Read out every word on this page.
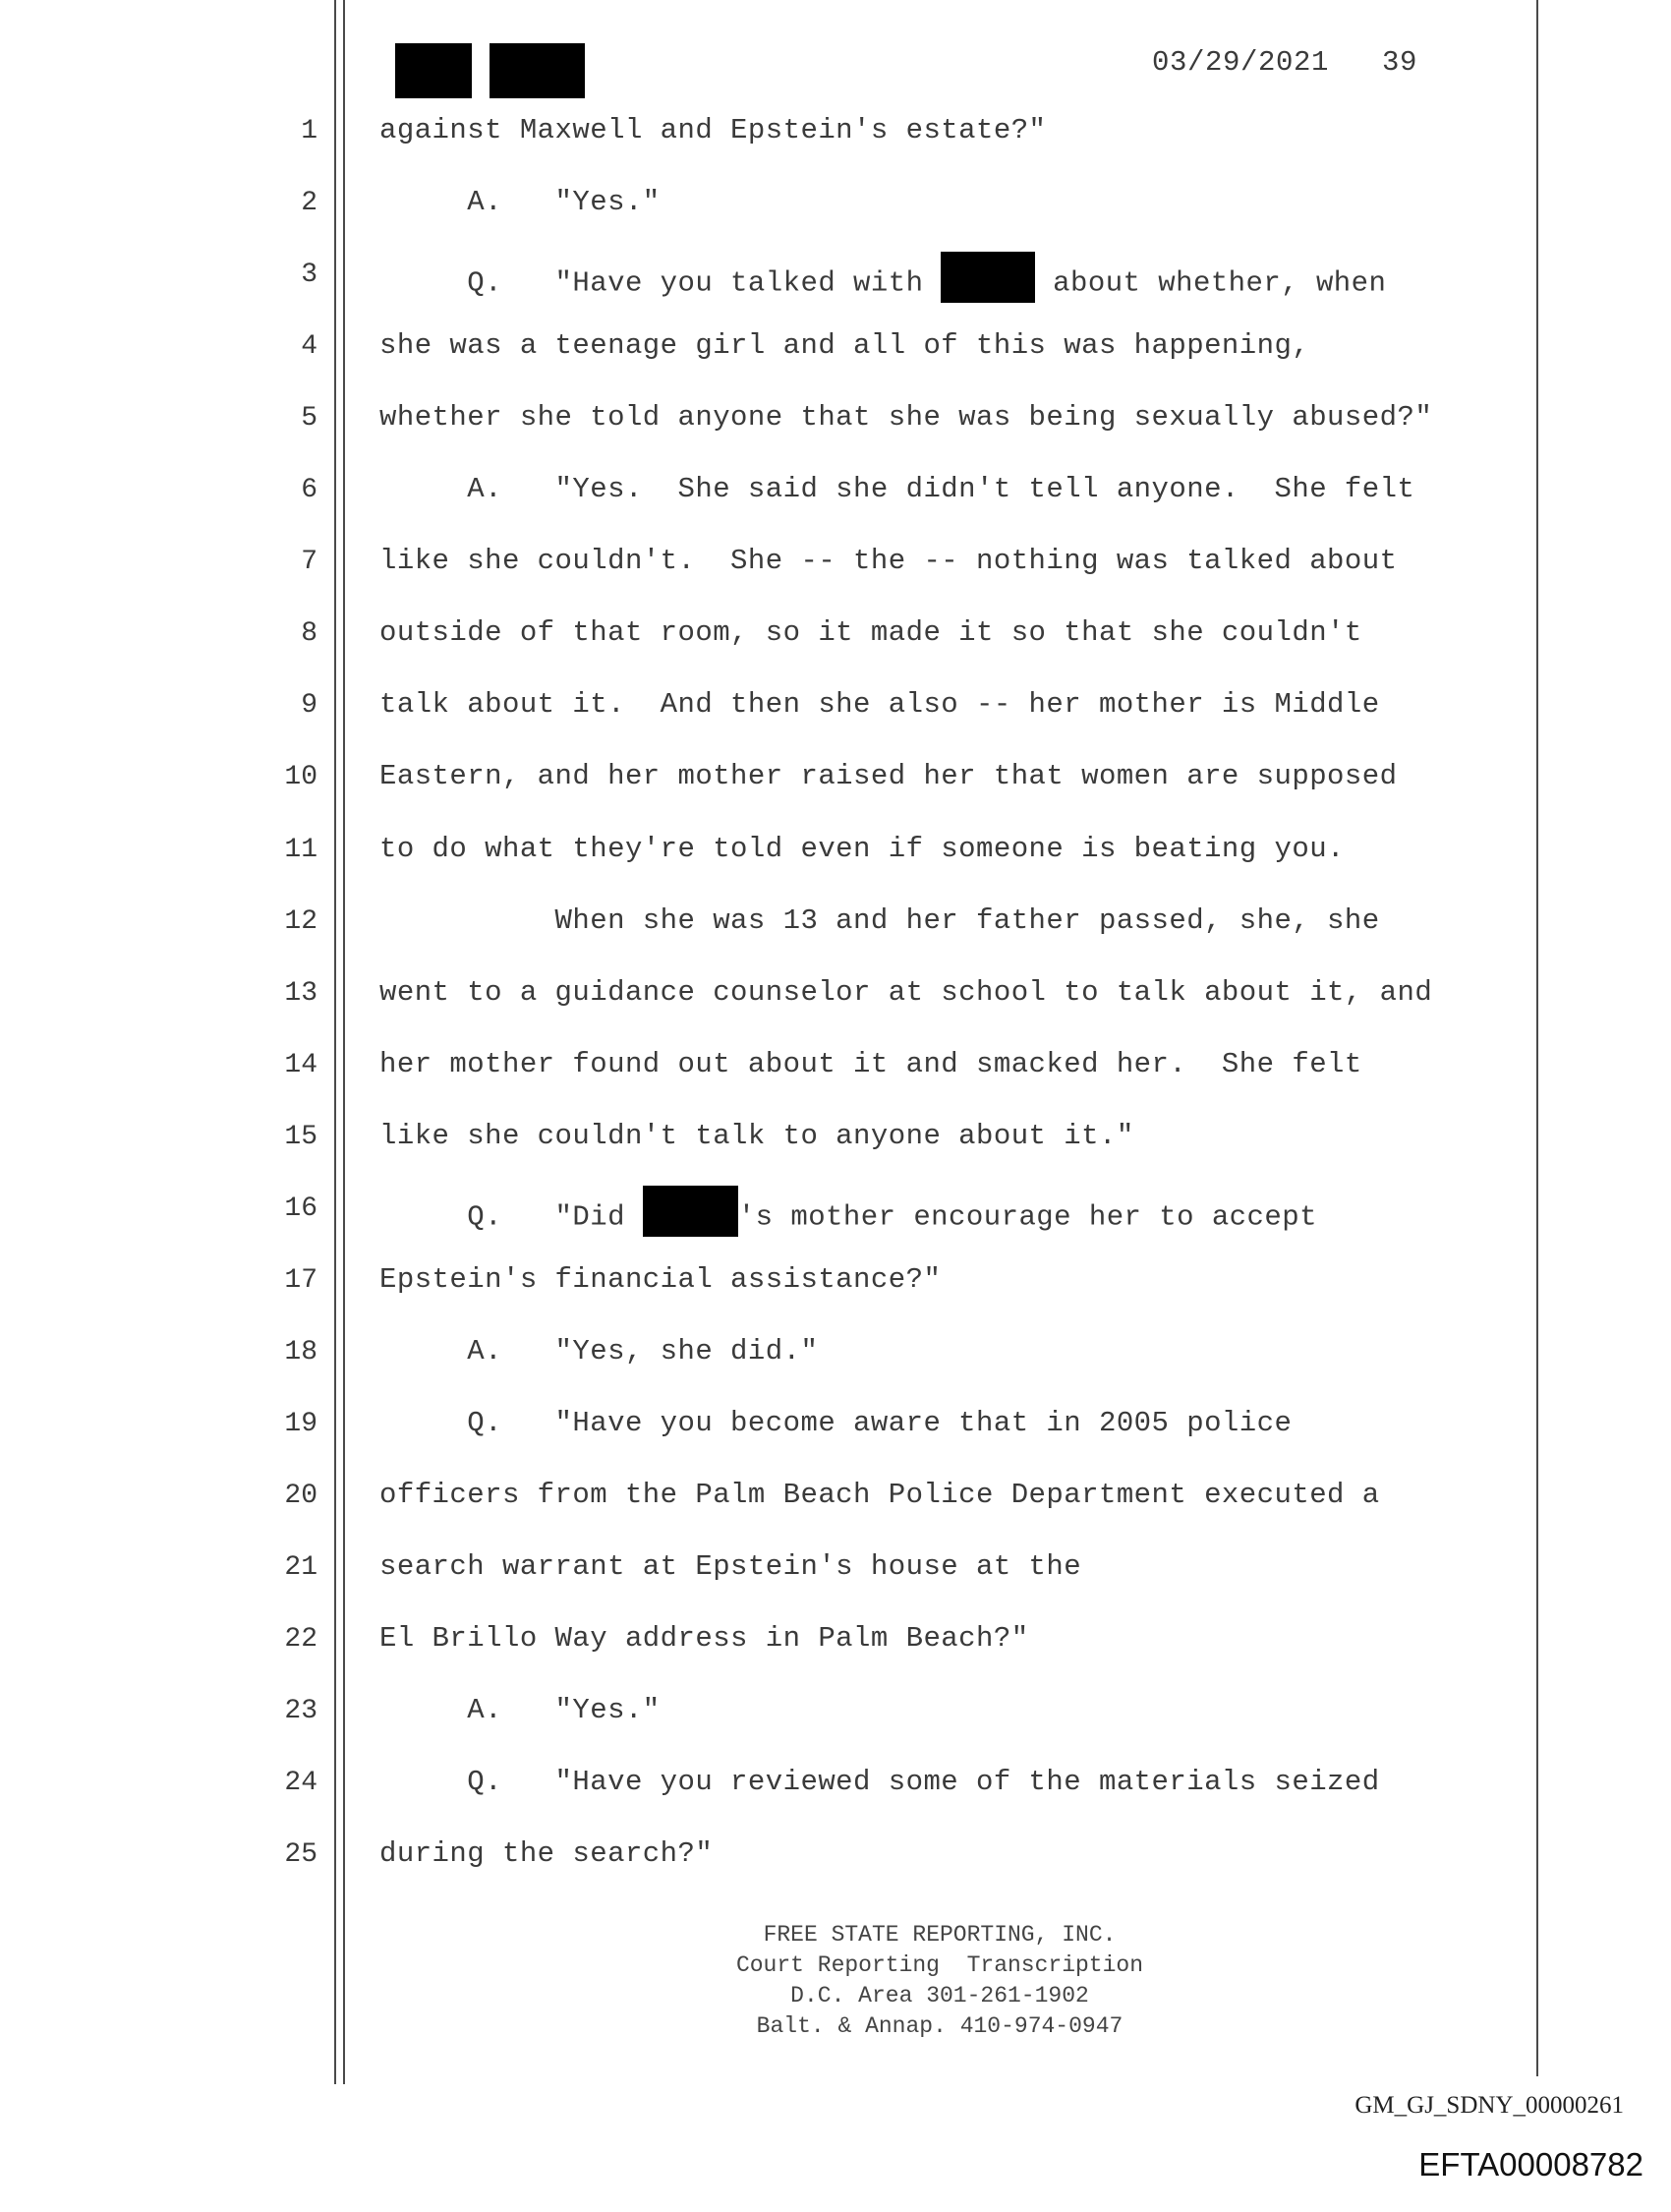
03/29/2021 39
1 against Maxwell and Epstein's estate?"
2 A.   "Yes."
3 Q.   "Have you talked with	about whether, when
4 she was a teenage girl and all of this was happening,
5 whether she told anyone that she was being sexually abused?"
6 A.   "Yes.  She said she didn't tell anyone.  She felt
7 like she couldn't.  She -- the -- nothing was talked about
8 outside of that room, so it made it so that she couldn't
9 talk about it.  And then she also -- her mother is Middle
10 Eastern, and her mother raised her that women are supposed
11 to do what they're told even if someone is beating you.
12 When she was 13 and her father passed, she, she
13 went to a guidance counselor at school to talk about it, and
14 her mother found out about it and smacked her.  She felt
15 like she couldn't talk to anyone about it."
16 Q.   "Did	's mother encourage her to accept
17 Epstein's financial assistance?"
18 A.   "Yes, she did."
19 Q.   "Have you become aware that in 2005 police
20 officers from the Palm Beach Police Department executed a
21 search warrant at Epstein's house at the
22 El Brillo Way address in Palm Beach?"
23 A.   "Yes."
24 Q.   "Have you reviewed some of the materials seized
25 during the search?"
FREE STATE REPORTING, INC.
Court Reporting  Transcription
D.C. Area 301-261-1902
Balt. & Annap. 410-974-0947
GM_GJ_SDNY_00000261
EFTA00008782
